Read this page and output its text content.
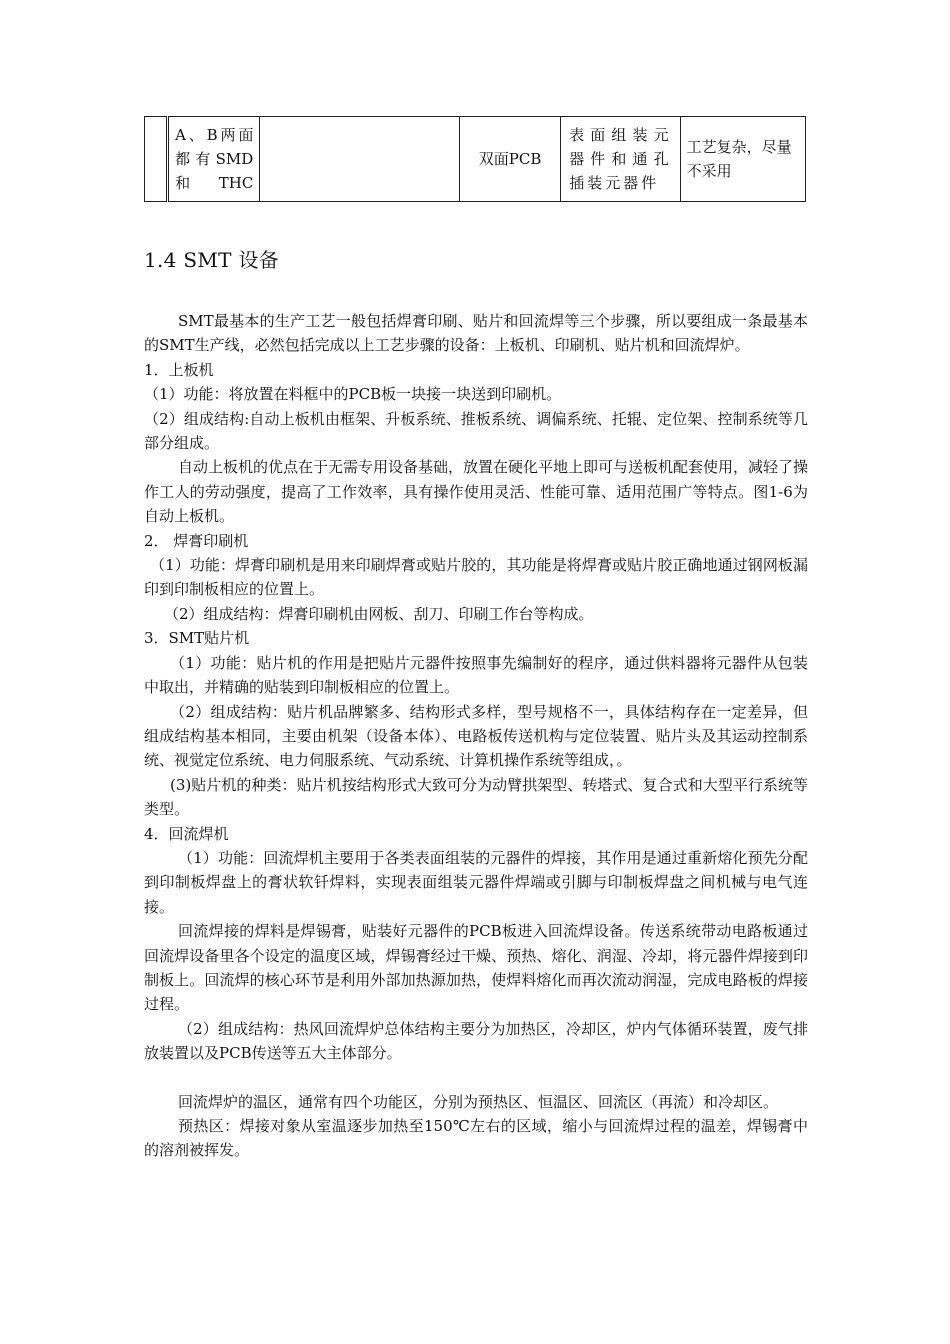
	A、B两面都有SMD 和THC		双面PCB	表面组装元器件和通孔插装元器件	工艺复杂，尽量不采用
1.4 SMT 设备

SMT最基本的生产工艺一般包括焊膏印刷、贴片和回流焊等三个步骤，所以要组成一条最基本的SMT生产线，必然包括完成以上工艺步骤的设备：上板机、印刷机、贴片机和回流焊炉。

1．上板机

（1）功能：将放置在料框中的PCB板一块接一块送到印刷机。

（2）组成结构:自动上板机由框架、升板系统、推板系统、调偏系统、托辊、定位架、控制系统等几部分组成。

自动上板机的优点在于无需专用设备基础，放置在硬化平地上即可与送板机配套使用，减轻了操作工人的劳动强度，提高了工作效率，具有操作使用灵活、性能可靠、适用范围广等特点。图1-6为自动上板机。

2． 焊膏印刷机

（1）功能：焊膏印刷机是用来印刷焊膏或贴片胶的，其功能是将焊膏或贴片胶正确地通过钢网板漏印到印制板相应的位置上。

（2）组成结构：焊膏印刷机由网板、刮刀、印刷工作台等构成。

3．SMT贴片机

（1）功能：贴片机的作用是把贴片元器件按照事先编制好的程序，通过供料器将元器件从包装中取出，并精确的贴装到印制板相应的位置上。

（2）组成结构：贴片机品牌繁多、结构形式多样，型号规格不一，具体结构存在一定差异，但组成结构基本相同，主要由机架（设备本体）、电路板传送机构与定位装置、贴片头及其运动控制系统、视觉定位系统、电力伺服系统、气动系统、计算机操作系统等组成，。

(3)贴片机的种类：贴片机按结构形式大致可分为动臂拱架型、转塔式、复合式和大型平行系统等类型。

4．回流焊机

（1）功能：回流焊机主要用于各类表面组装的元器件的焊接，其作用是通过重新熔化预先分配到印制板焊盘上的膏状软钎焊料，实现表面组装元器件焊端或引脚与印制板焊盘之间机械与电气连接。

回流焊接的焊料是焊锡膏，贴装好元器件的PCB板进入回流焊设备。传送系统带动电路板通过回流焊设备里各个设定的温度区域，焊锡膏经过干燥、预热、熔化、润湿、冷却，将元器件焊接到印制板上。回流焊的核心环节是利用外部加热源加热，使焊料熔化而再次流动润湿，完成电路板的焊接过程。

（2）组成结构：热风回流焊炉总体结构主要分为加热区，冷却区，炉内气体循环装置，废气排放装置以及PCB传送等五大主体部分。

回流焊炉的温区，通常有四个功能区，分别为预热区、恒温区、回流区（再流）和冷却区。

预热区：焊接对象从室温逐步加热至150℃左右的区域，缩小与回流焊过程的温差，焊锡膏中的溶剂被挥发。
